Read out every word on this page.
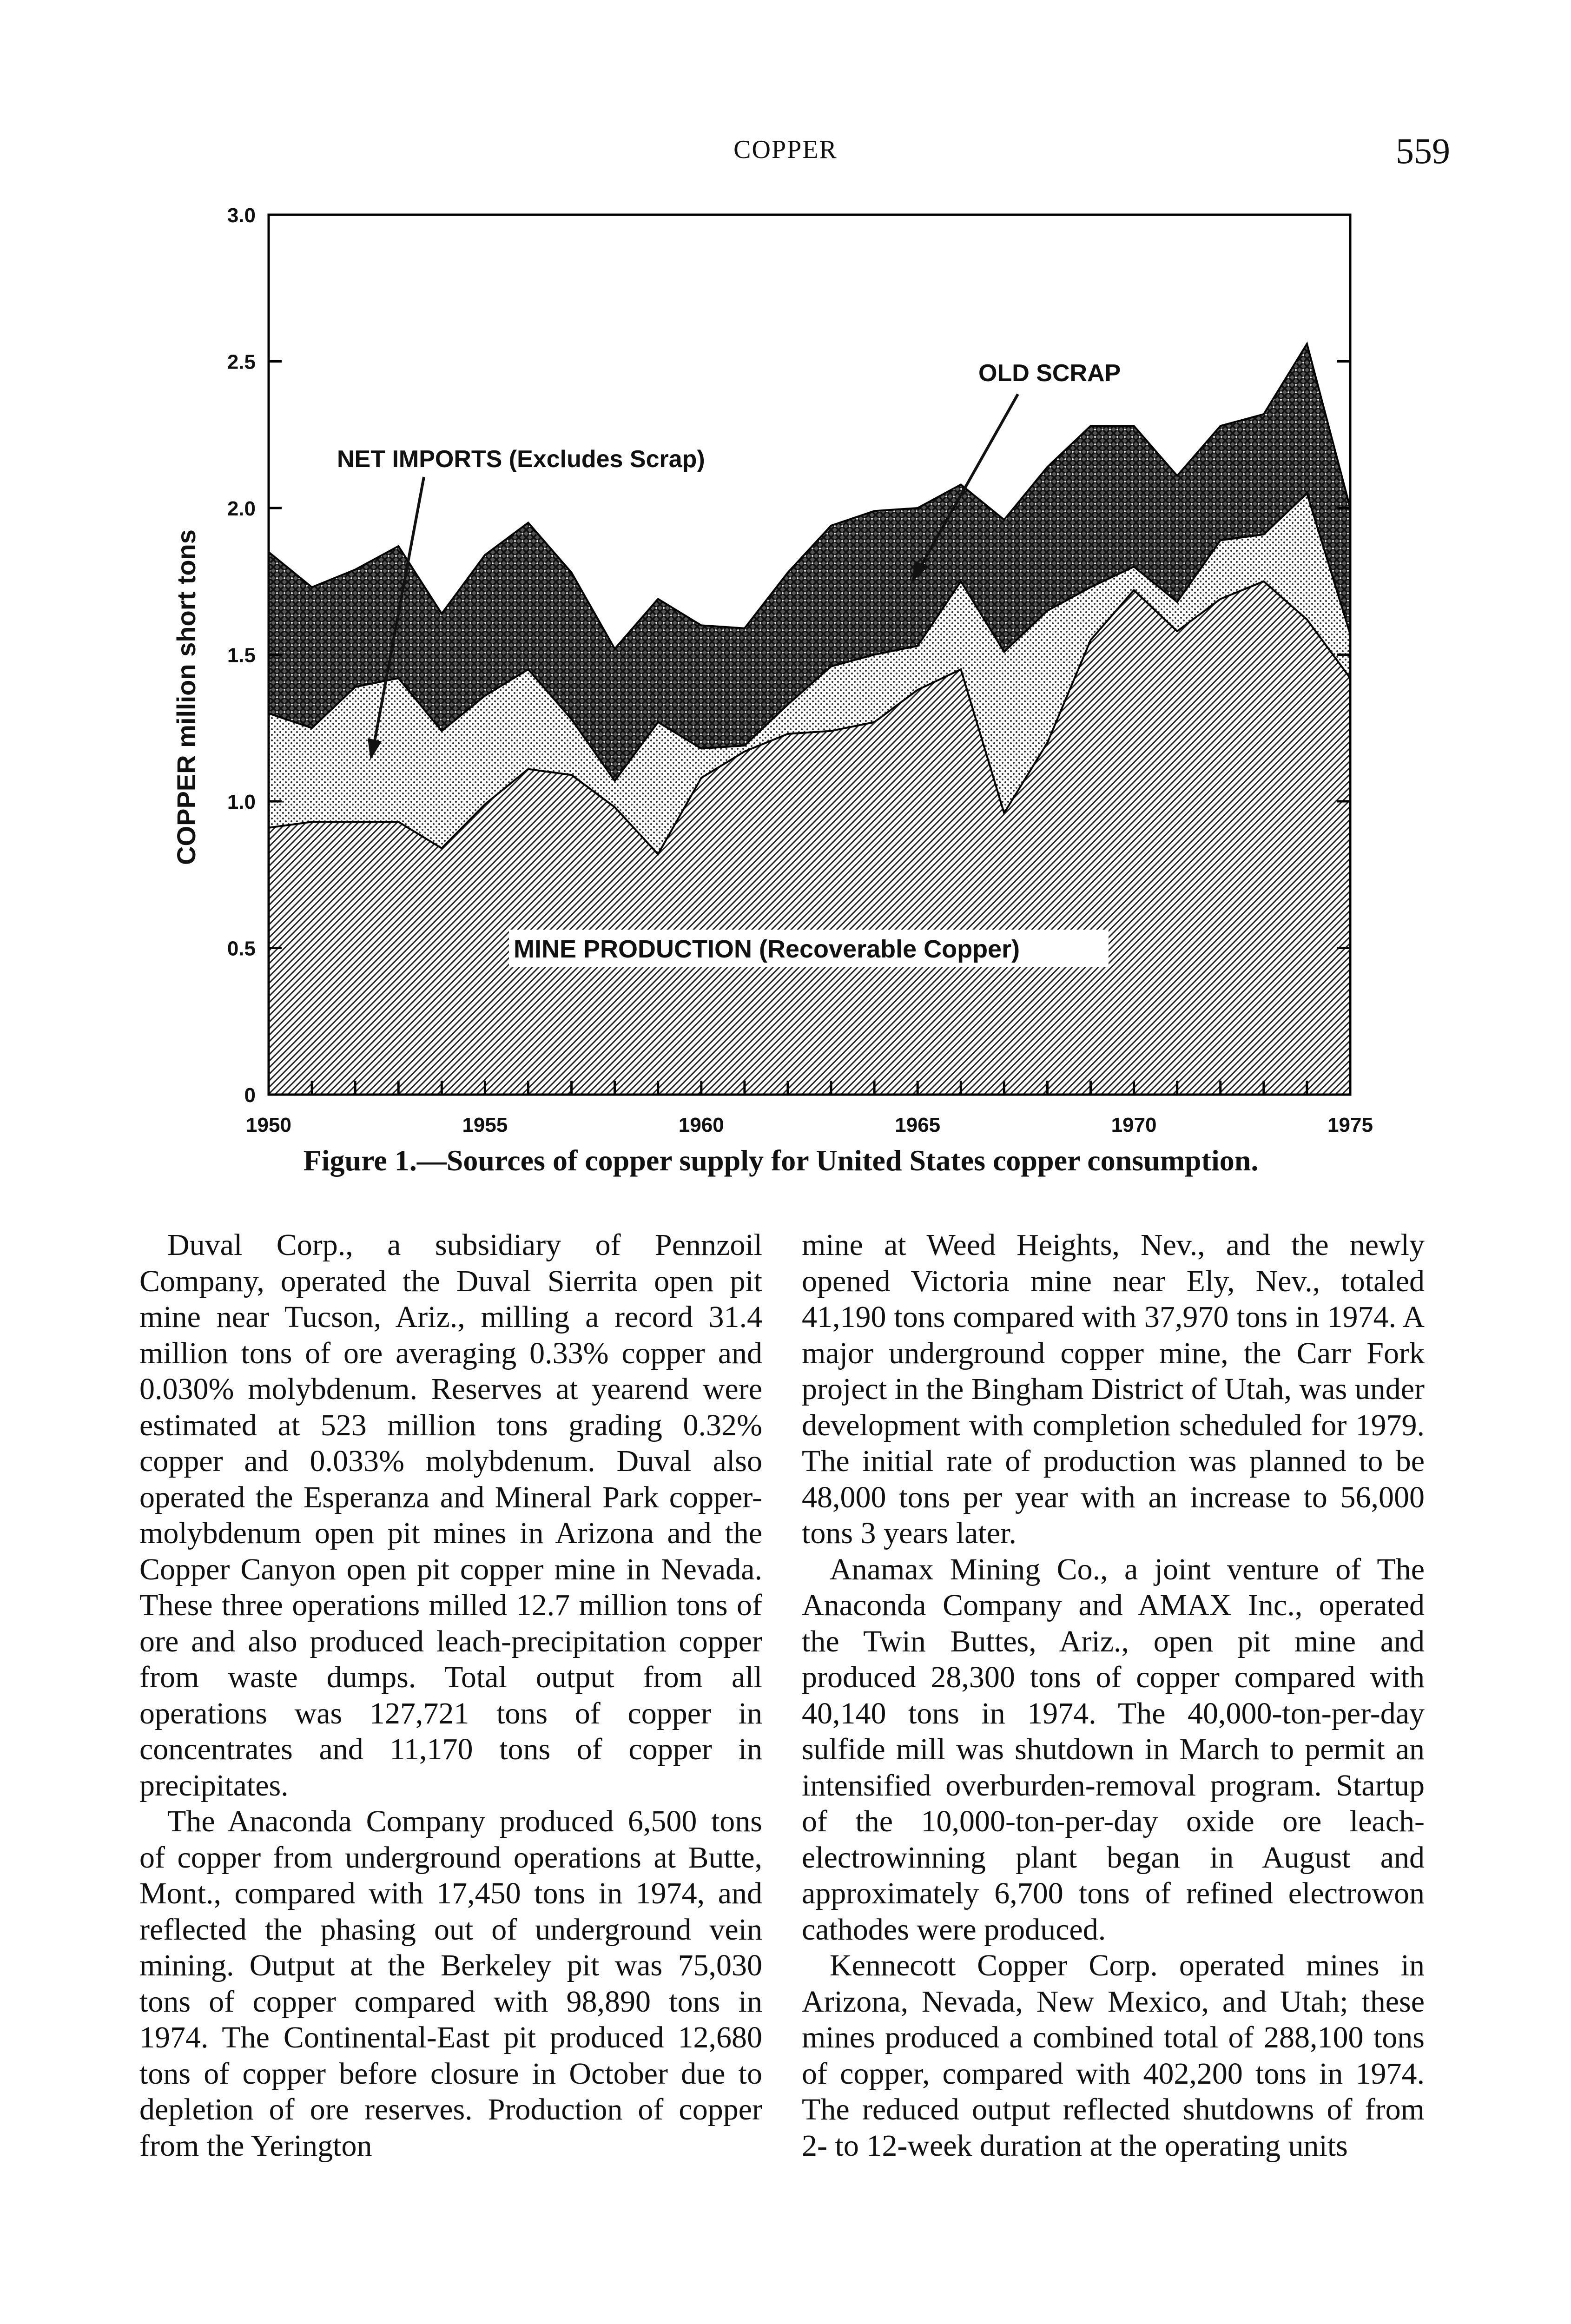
COPPER	559
COPPER million short tons
0
0.5
1.0
1.5
2.0
2.5
3.0
1950	1955	1960	1965	1970	1975
NET IMPORTS (Excludes Scrap)
OLD SCRAP
MINE PRODUCTION (Recoverable Copper)
Figure 1.—Sources of copper supply for United States copper consumption.

Duval Corp., a subsidiary of Pennzoil Company, operated the Duval Sierrita open pit mine near Tucson, Ariz., milling a record 31.4 million tons of ore averaging 0.33% copper and 0.030% molybdenum. Reserves at yearend were estimated at 523 million tons grading 0.32% copper and 0.033% molybdenum. Duval also operated the Esperanza and Mineral Park copper-molybdenum open pit mines in Arizona and the Copper Canyon open pit copper mine in Nevada. These three operations milled 12.7 million tons of ore and also produced leach-precipitation copper from waste dumps. Total output from all operations was 127,721 tons of copper in concentrates and 11,170 tons of copper in precipitates.

The Anaconda Company produced 6,500 tons of copper from underground operations at Butte, Mont., compared with 17,450 tons in 1974, and reflected the phasing out of underground vein mining. Output at the Berkeley pit was 75,030 tons of copper compared with 98,890 tons in 1974. The Continental-East pit produced 12,680 tons of copper before closure in October due to depletion of ore reserves. Production of copper from the Yerington

mine at Weed Heights, Nev., and the newly opened Victoria mine near Ely, Nev., totaled 41,190 tons compared with 37,970 tons in 1974. A major underground copper mine, the Carr Fork project in the Bingham District of Utah, was under development with completion scheduled for 1979. The initial rate of production was planned to be 48,000 tons per year with an increase to 56,000 tons 3 years later.

Anamax Mining Co., a joint venture of The Anaconda Company and AMAX Inc., operated the Twin Buttes, Ariz., open pit mine and produced 28,300 tons of copper compared with 40,140 tons in 1974. The 40,000-ton-per-day sulfide mill was shutdown in March to permit an intensified overburden-removal program. Startup of the 10,000-ton-per-day oxide ore leach-electrowinning plant began in August and approximately 6,700 tons of refined electrowon cathodes were produced.

Kennecott Copper Corp. operated mines in Arizona, Nevada, New Mexico, and Utah; these mines produced a combined total of 288,100 tons of copper, compared with 402,200 tons in 1974. The reduced output reflected shutdowns of from 2- to 12-week duration at the operating units
